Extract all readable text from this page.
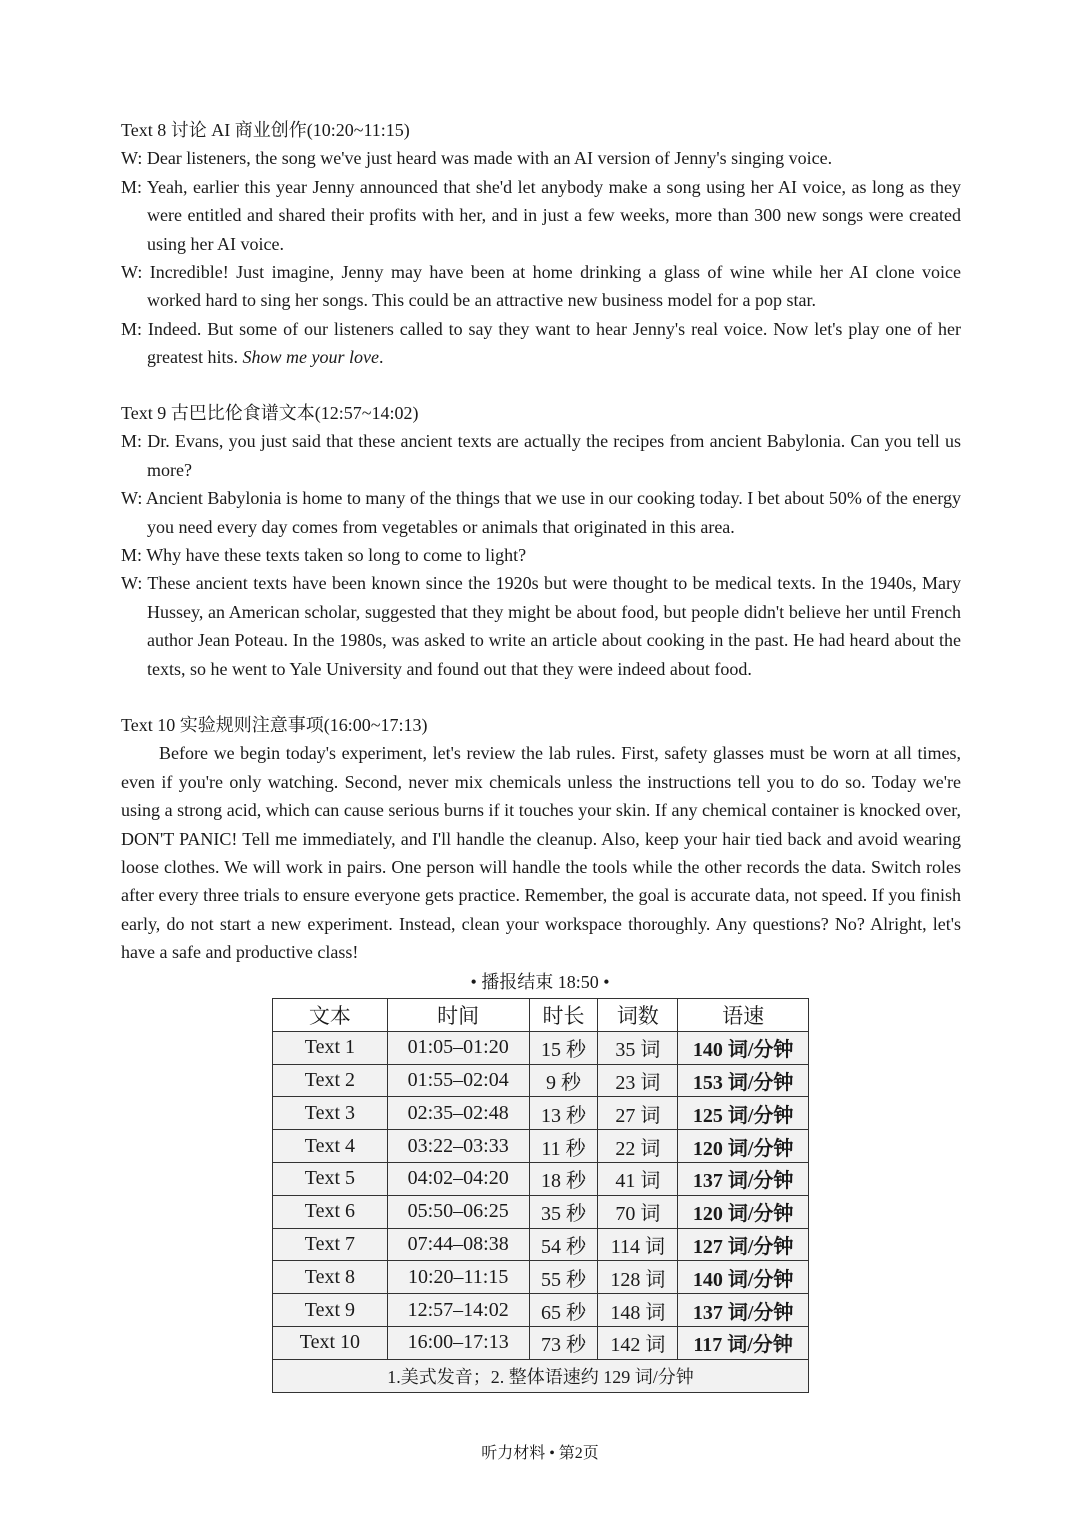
Text 8 讨论 AI 商业创作(10:20~11:15)

W: Dear listeners, the song we've just heard was made with an AI version of Jenny's singing voice.

M: Yeah, earlier this year Jenny announced that she'd let anybody make a song using her AI voice, as long as they were entitled and shared their profits with her, and in just a few weeks, more than 300 new songs were created using her AI voice.

W: Incredible! Just imagine, Jenny may have been at home drinking a glass of wine while her AI clone voice worked hard to sing her songs. This could be an attractive new business model for a pop star.

M: Indeed. But some of our listeners called to say they want to hear Jenny's real voice. Now let's play one of her greatest hits. Show me your love.

Text 9 古巴比伦食谱文本(12:57~14:02)

M: Dr. Evans, you just said that these ancient texts are actually the recipes from ancient Babylonia. Can you tell us more?

W: Ancient Babylonia is home to many of the things that we use in our cooking today. I bet about 50% of the energy you need every day comes from vegetables or animals that originated in this area.

M: Why have these texts taken so long to come to light?

W: These ancient texts have been known since the 1920s but were thought to be medical texts. In the 1940s, Mary Hussey, an American scholar, suggested that they might be about food, but people didn't believe her until French author Jean Poteau. In the 1980s, was asked to write an article about cooking in the past. He had heard about the texts, so he went to Yale University and found out that they were indeed about food.

Text 10 实验规则注意事项(16:00~17:13)

Before we begin today's experiment, let's review the lab rules. First, safety glasses must be worn at all times, even if you're only watching. Second, never mix chemicals unless the instructions tell you to do so. Today we're using a strong acid, which can cause serious burns if it touches your skin. If any chemical container is knocked over, DON'T PANIC! Tell me immediately, and I'll handle the cleanup. Also, keep your hair tied back and avoid wearing loose clothes. We will work in pairs. One person will handle the tools while the other records the data. Switch roles after every three trials to ensure everyone gets practice. Remember, the goal is accurate data, not speed. If you finish early, do not start a new experiment. Instead, clean your workspace thoroughly. Any questions? No? Alright, let's have a safe and productive class!

• 播报结束 18:50 •
文本	时间	时长	词数	语速
Text 1	01:05–01:20	15 秒	35 词	140 词/分钟
Text 2	01:55–02:04	9 秒	23 词	153 词/分钟
Text 3	02:35–02:48	13 秒	27 词	125 词/分钟
Text 4	03:22–03:33	11 秒	22 词	120 词/分钟
Text 5	04:02–04:20	18 秒	41 词	137 词/分钟
Text 6	05:50–06:25	35 秒	70 词	120 词/分钟
Text 7	07:44–08:38	54 秒	114 词	127 词/分钟
Text 8	10:20–11:15	55 秒	128 词	140 词/分钟
Text 9	12:57–14:02	65 秒	148 词	137 词/分钟
Text 10	16:00–17:13	73 秒	142 词	117 词/分钟
1.美式发音；2. 整体语速约 129 词/分钟				
听力材料 • 第2页
